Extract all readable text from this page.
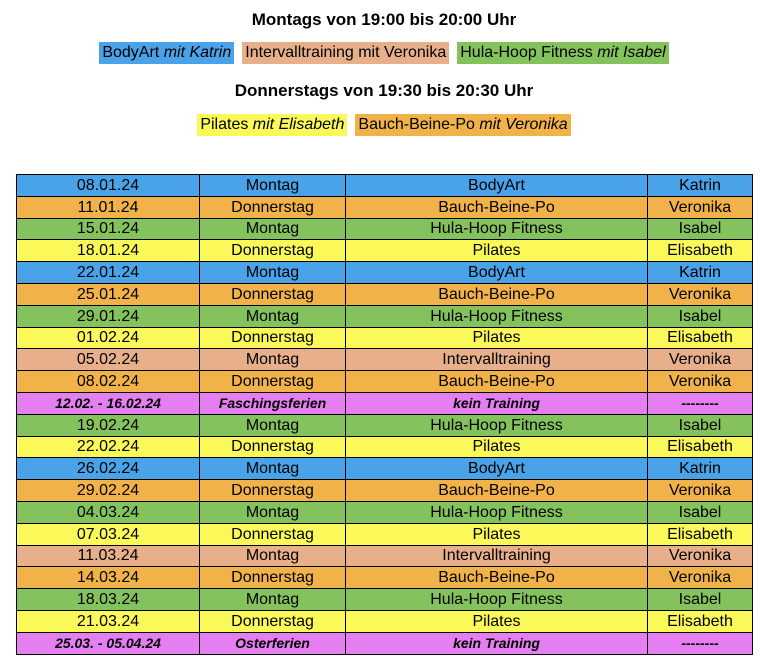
Montags von 19:00 bis 20:00 Uhr
BodyArt mit Katrin Intervalltraining mit Veronika Hula-Hoop Fitness mit Isabel
Donnerstags von 19:30 bis 20:30 Uhr
Pilates mit Elisabeth Bauch-Beine-Po mit Veronika
08.01.24	Montag	BodyArt	Katrin
11.01.24	Donnerstag	Bauch-Beine-Po	Veronika
15.01.24	Montag	Hula-Hoop Fitness	Isabel
18.01.24	Donnerstag	Pilates	Elisabeth
22.01.24	Montag	BodyArt	Katrin
25.01.24	Donnerstag	Bauch-Beine-Po	Veronika
29.01.24	Montag	Hula-Hoop Fitness	Isabel
01.02.24	Donnerstag	Pilates	Elisabeth
05.02.24	Montag	Intervalltraining	Veronika
08.02.24	Donnerstag	Bauch-Beine-Po	Veronika
12.02. - 16.02.24	Faschingsferien	kein Training	--------
19.02.24	Montag	Hula-Hoop Fitness	Isabel
22.02.24	Donnerstag	Pilates	Elisabeth
26.02.24	Montag	BodyArt	Katrin
29.02.24	Donnerstag	Bauch-Beine-Po	Veronika
04.03.24	Montag	Hula-Hoop Fitness	Isabel
07.03.24	Donnerstag	Pilates	Elisabeth
11.03.24	Montag	Intervalltraining	Veronika
14.03.24	Donnerstag	Bauch-Beine-Po	Veronika
18.03.24	Montag	Hula-Hoop Fitness	Isabel
21.03.24	Donnerstag	Pilates	Elisabeth
25.03. - 05.04.24	Osterferien	kein Training	--------
